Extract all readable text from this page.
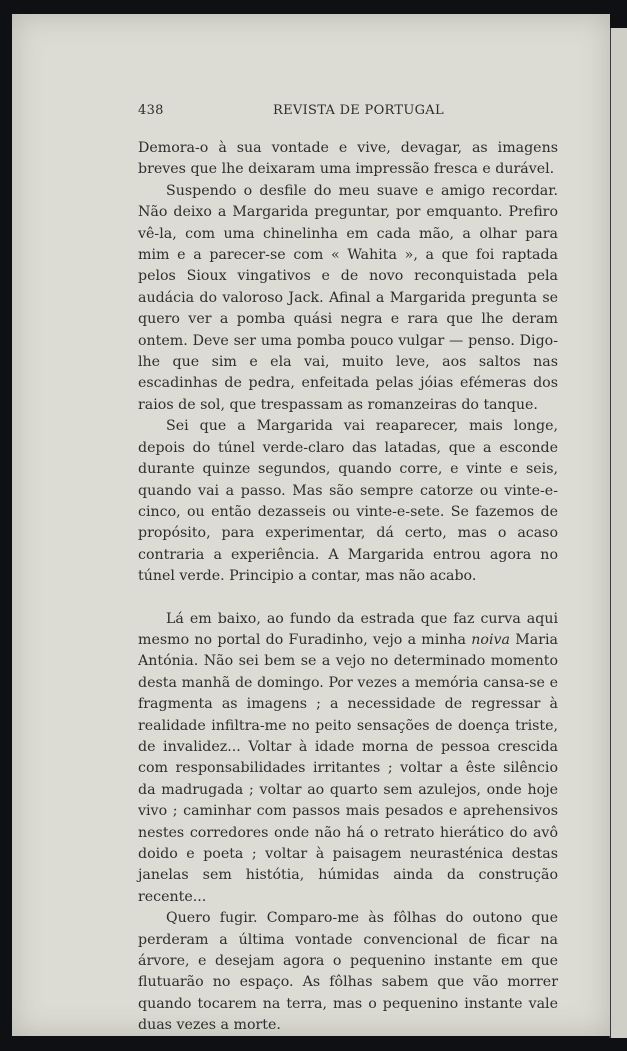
438	REVISTA DE PORTUGAL

Demora-o à sua vontade e vive, devagar, as imagens breves que lhe deixaram uma impressão fresca e durável.

Suspendo o desfile do meu suave e amigo recordar. Não deixo a Margarida preguntar, por emquanto. Prefiro vê-la, com uma chinelinha em cada mão, a olhar para mim e a parecer-se com « Wahita », a que foi raptada pelos Sioux vingativos e de novo reconquistada pela audácia do valoroso Jack. Afinal a Margarida pregunta se quero ver a pomba quási negra e rara que lhe deram ontem. Deve ser uma pomba pouco vulgar — penso. Digo-lhe que sim e ela vai, muito leve, aos saltos nas escadinhas de pedra, enfeitada pelas jóias efémeras dos raios de sol, que trespassam as romanzeiras do tanque.

Sei que a Margarida vai reaparecer, mais longe, depois do túnel verde-claro das latadas, que a esconde durante quinze segundos, quando corre, e vinte e seis, quando vai a passo. Mas são sempre catorze ou vinte-e-cinco, ou então dezasseis ou vinte-e-sete. Se fazemos de propósito, para experimentar, dá certo, mas o acaso contraria a experiência. A Margarida entrou agora no túnel verde. Principio a contar, mas não acabo.

Lá em baixo, ao fundo da estrada que faz curva aqui mesmo no portal do Furadinho, vejo a minha noiva Maria Antónia. Não sei bem se a vejo no determinado momento desta manhã de domingo. Por vezes a memória cansa-se e fragmenta as imagens ; a necessidade de regressar à realidade infiltra-me no peito sensações de doença triste, de invalidez... Voltar à idade morna de pessoa crescida com responsabilidades irritantes ; voltar a êste silêncio da madrugada ; voltar ao quarto sem azulejos, onde hoje vivo ; caminhar com passos mais pesados e aprehensivos nestes corredores onde não há o retrato hierático do avô doido e poeta ; voltar à paisagem neurasténica destas janelas sem histótia, húmidas ainda da construção recente...

Quero fugir. Comparo-me às fôlhas do outono que perderam a última vontade convencional de ficar na árvore, e desejam agora o pequenino instante em que flutuarão no espaço. As fôlhas sabem que vão morrer quando tocarem na terra, mas o pequenino instante vale duas vezes a morte.
